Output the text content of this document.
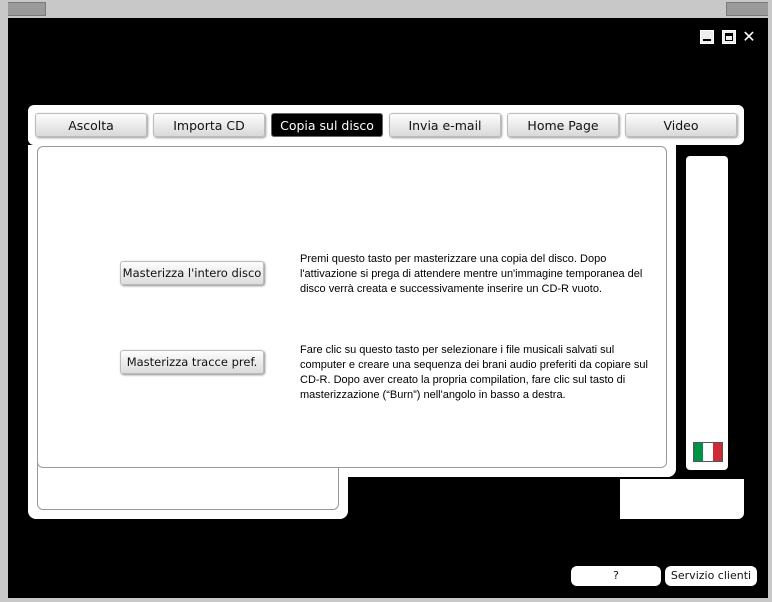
✕
Ascolta	Importa CD	Copia sul disco	Invia e-mail	Home Page	Video
Masterizza l'intero disco
Premi questo tasto per masterizzare una copia del disco. Dopo l'attivazione si prega di attendere mentre un'immagine temporanea del disco verrà creata e successivamente inserire un CD-R vuoto.
Masterizza tracce pref.
Fare clic su questo tasto per selezionare i file musicali salvati sul computer e creare una sequenza dei brani audio preferiti da copiare sul CD-R. Dopo aver creato la propria compilation, fare clic sul tasto di masterizzazione (“Burn”) nell'angolo in basso a destra.
?	Servizio clienti
